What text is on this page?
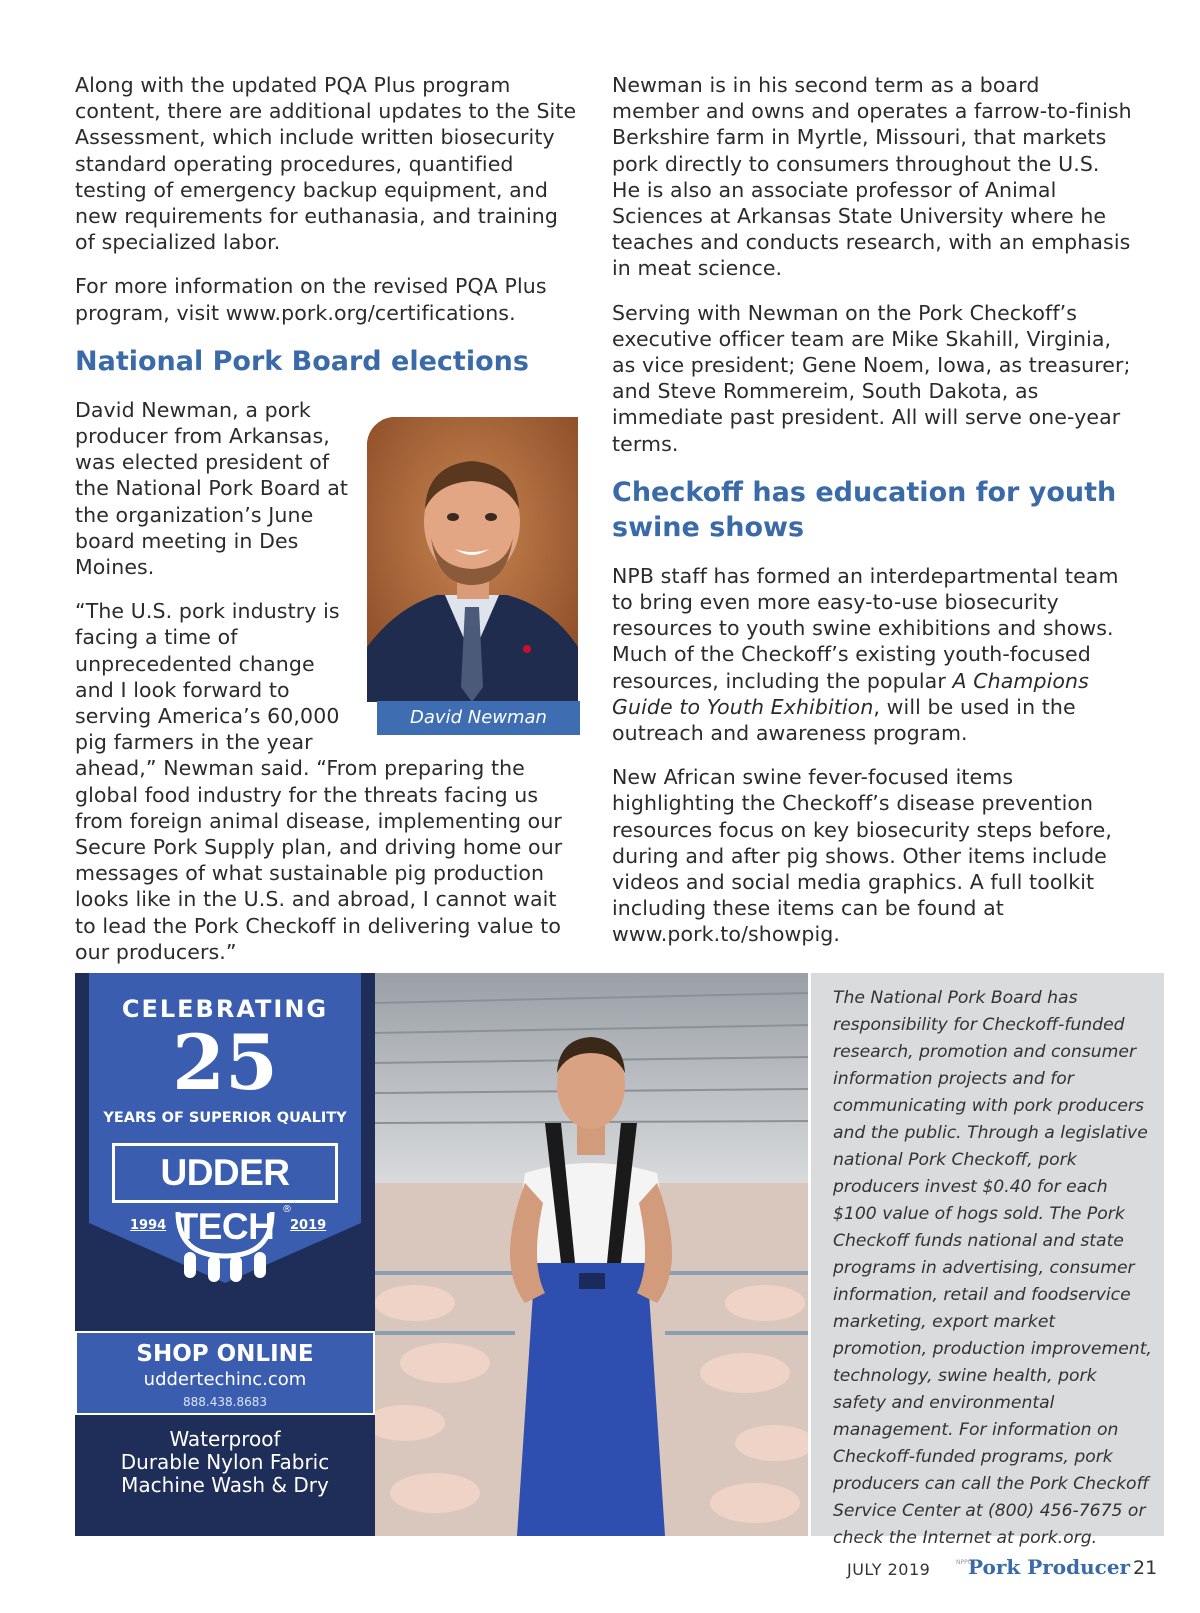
Along with the updated PQA Plus program content, there are additional updates to the Site Assessment, which include written biosecurity standard operating procedures, quantified testing of emergency backup equipment, and new requirements for euthanasia, and training of specialized labor.

For more information on the revised PQA Plus program, visit www.pork.org/certifications.

National Pork Board elections
David Newman

David Newman, a pork producer from Arkansas, was elected president of the National Pork Board at the organization’s June board meeting in Des Moines.

“The U.S. pork industry is facing a time of unprecedented change and I look forward to serving America’s 60,000 pig farmers in the year ahead,” Newman said. “From preparing the global food industry for the threats facing us from foreign animal disease, implementing our Secure Pork Supply plan, and driving home our messages of what sustainable pig production looks like in the U.S. and abroad, I cannot wait to lead the Pork Checkoff in delivering value to our producers.”

Newman is in his second term as a board member and owns and operates a farrow-to-finish Berkshire farm in Myrtle, Missouri, that markets pork directly to consumers throughout the U.S. He is also an associate professor of Animal Sciences at Arkansas State University where he teaches and conducts research, with an emphasis in meat science.

Serving with Newman on the Pork Checkoff’s executive officer team are Mike Skahill, Virginia, as vice president; Gene Noem, Iowa, as treasurer; and Steve Rommereim, South Dakota, as immediate past president. All will serve one-year terms.

Checkoff has education for youth swine shows

NPB staff has formed an interdepartmental team to bring even more easy-to-use biosecurity resources to youth swine exhibitions and shows. Much of the Checkoff’s existing youth-focused resources, including the popular A Champions Guide to Youth Exhibition, will be used in the outreach and awareness program.

New African swine fever-focused items highlighting the Checkoff’s disease prevention resources focus on key biosecurity steps before, during and after pig shows. Other items include videos and social media graphics. A full toolkit including these items can be found at www.pork.to/showpig.

CELEBRATING
25
YEARS OF SUPERIOR QUALITY
UDDER TECH
1994	2019
®
SHOP ONLINE
uddertechinc.com
888.438.8683
Waterproof
Durable Nylon Fabric
Machine Wash & Dry

The National Pork Board has responsibility for Checkoff-funded research, promotion and consumer information projects and for communicating with pork producers and the public. Through a legislative national Pork Checkoff, pork producers invest $0.40 for each $100 value of hogs sold. The Pork Checkoff funds national and state programs in advertising, consumer information, retail and foodservice marketing, export market promotion, production improvement, technology, swine health, pork safety and environmental management. For information on Checkoff-funded programs, pork producers can call the Pork Checkoff Service Center at (800) 456-7675 or check the Internet at pork.org.

JULY 2019	NPPC
Pork Producer 21
